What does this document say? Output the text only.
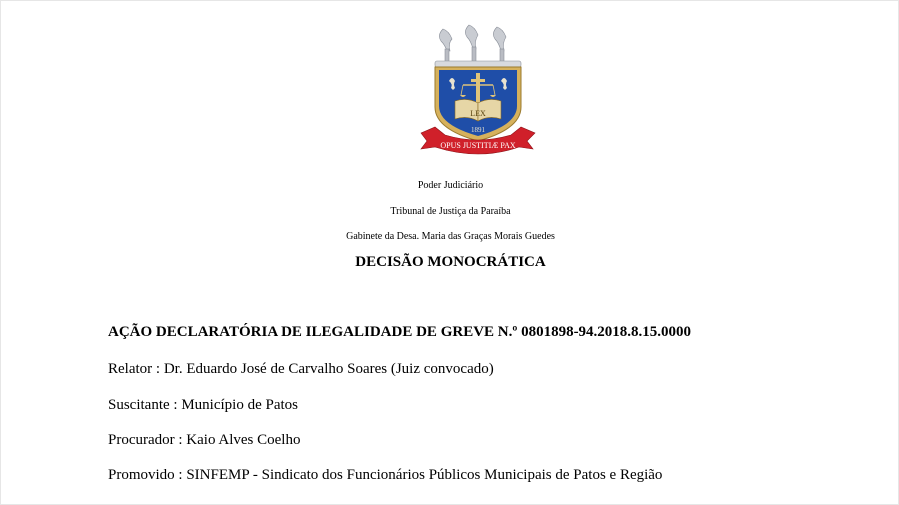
LEX
1891
OPUS JUSTITIÆ PAX
Poder Judiciário
Tribunal de Justiça da Paraíba
Gabinete da Desa. Maria das Graças Morais Guedes
DECISÃO MONOCRÁTICA
AÇÃO DECLARATÓRIA DE ILEGALIDADE DE GREVE N.º 0801898-94.2018.8.15.0000
Relator : Dr. Eduardo José de Carvalho Soares (Juiz convocado)
Suscitante : Município de Patos
Procurador : Kaio Alves Coelho
Promovido : SINFEMP - Sindicato dos Funcionários Públicos Municipais de Patos e Região
